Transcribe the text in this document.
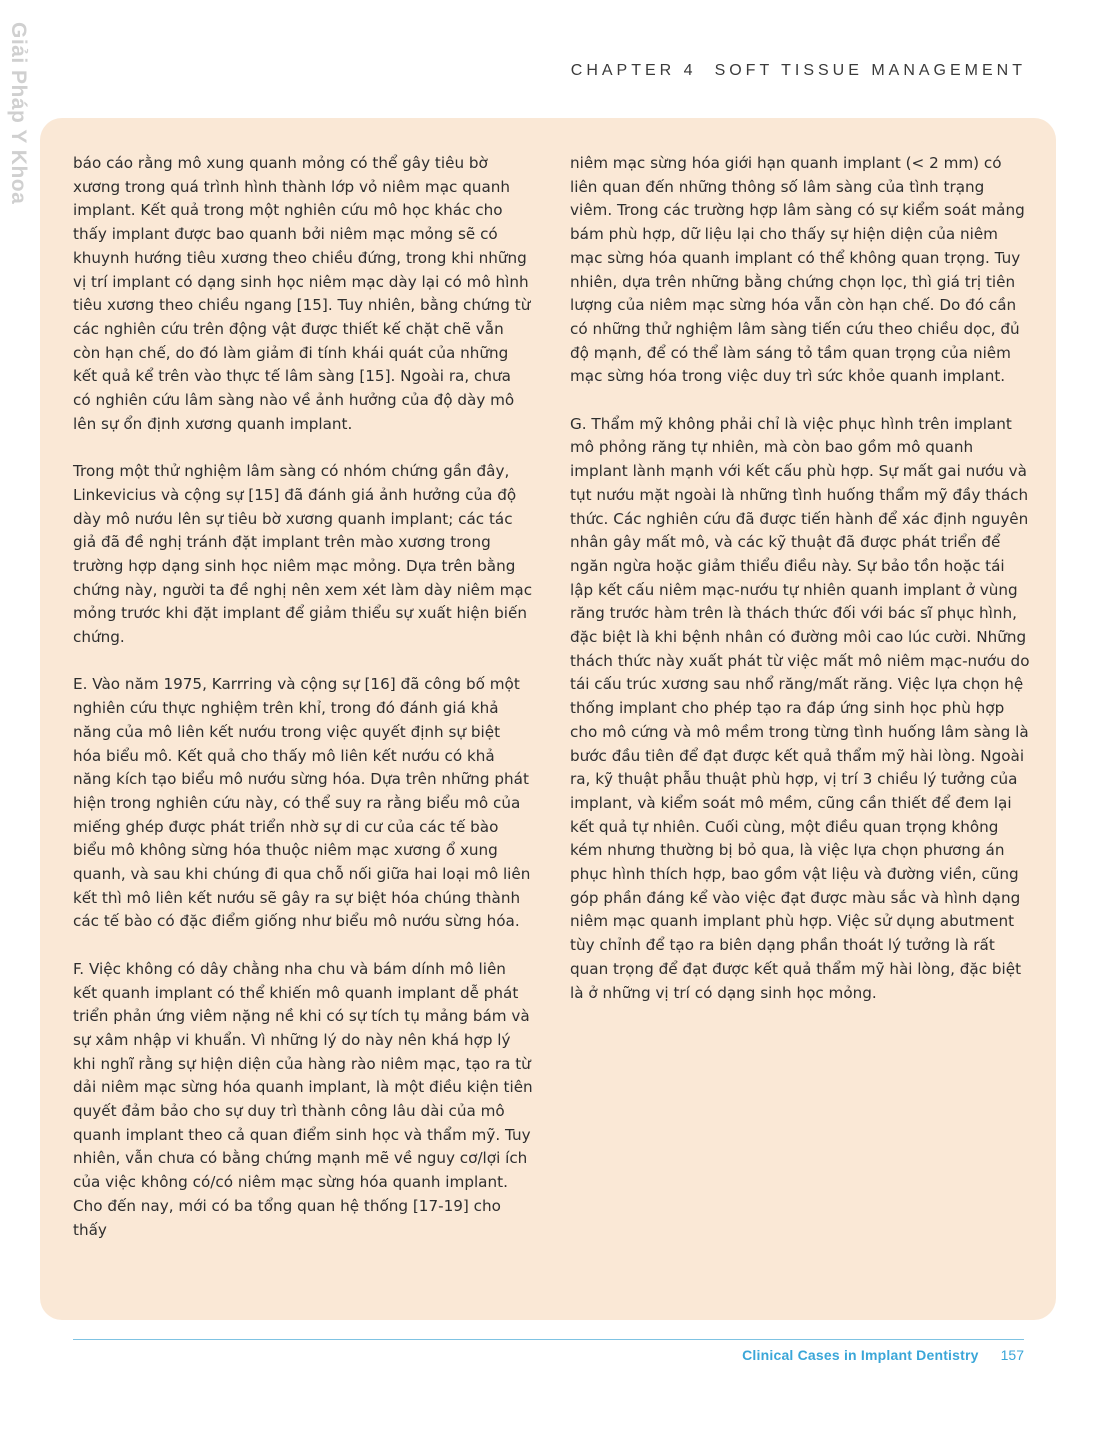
Giải Pháp Y Khoa	CHAPTER 4 SOFT TISSUE MANAGEMENT

báo cáo rằng mô xung quanh mỏng có thể gây tiêu bờ xương trong quá trình hình thành lớp vỏ niêm mạc quanh implant. Kết quả trong một nghiên cứu mô học khác cho thấy implant được bao quanh bởi niêm mạc mỏng sẽ có khuynh hướng tiêu xương theo chiều đứng, trong khi những vị trí implant có dạng sinh học niêm mạc dày lại có mô hình tiêu xương theo chiều ngang [15]. Tuy nhiên, bằng chứng từ các nghiên cứu trên động vật được thiết kế chặt chẽ vẫn còn hạn chế, do đó làm giảm đi tính khái quát của những kết quả kể trên vào thực tế lâm sàng [15]. Ngoài ra, chưa có nghiên cứu lâm sàng nào về ảnh hưởng của độ dày mô lên sự ổn định xương quanh implant.

Trong một thử nghiệm lâm sàng có nhóm chứng gần đây, Linkevicius và cộng sự [15] đã đánh giá ảnh hưởng của độ dày mô nướu lên sự tiêu bờ xương quanh implant; các tác giả đã đề nghị tránh đặt implant trên mào xương trong trường hợp dạng sinh học niêm mạc mỏng. Dựa trên bằng chứng này, người ta đề nghị nên xem xét làm dày niêm mạc mỏng trước khi đặt implant để giảm thiểu sự xuất hiện biến chứng.

E. Vào năm 1975, Karrring và cộng sự [16] đã công bố một nghiên cứu thực nghiệm trên khỉ, trong đó đánh giá khả năng của mô liên kết nướu trong việc quyết định sự biệt hóa biểu mô. Kết quả cho thấy mô liên kết nướu có khả năng kích tạo biểu mô nướu sừng hóa. Dựa trên những phát hiện trong nghiên cứu này, có thể suy ra rằng biểu mô của miếng ghép được phát triển nhờ sự di cư của các tế bào biểu mô không sừng hóa thuộc niêm mạc xương ổ xung quanh, và sau khi chúng đi qua chỗ nối giữa hai loại mô liên kết thì mô liên kết nướu sẽ gây ra sự biệt hóa chúng thành các tế bào có đặc điểm giống như biểu mô nướu sừng hóa.

F. Việc không có dây chằng nha chu và bám dính mô liên kết quanh implant có thể khiến mô quanh implant dễ phát triển phản ứng viêm nặng nề khi có sự tích tụ mảng bám và sự xâm nhập vi khuẩn. Vì những lý do này nên khá hợp lý khi nghĩ rằng sự hiện diện của hàng rào niêm mạc, tạo ra từ dải niêm mạc sừng hóa quanh implant, là một điều kiện tiên quyết đảm bảo cho sự duy trì thành công lâu dài của mô quanh implant theo cả quan điểm sinh học và thẩm mỹ. Tuy nhiên, vẫn chưa có bằng chứng mạnh mẽ về nguy cơ/lợi ích của việc không có/có niêm mạc sừng hóa quanh implant. Cho đến nay, mới có ba tổng quan hệ thống [17-19] cho thấy

niêm mạc sừng hóa giới hạn quanh implant (< 2 mm) có liên quan đến những thông số lâm sàng của tình trạng viêm. Trong các trường hợp lâm sàng có sự kiểm soát mảng bám phù hợp, dữ liệu lại cho thấy sự hiện diện của niêm mạc sừng hóa quanh implant có thể không quan trọng. Tuy nhiên, dựa trên những bằng chứng chọn lọc, thì giá trị tiên lượng của niêm mạc sừng hóa vẫn còn hạn chế. Do đó cần có những thử nghiệm lâm sàng tiến cứu theo chiều dọc, đủ độ mạnh, để có thể làm sáng tỏ tầm quan trọng của niêm mạc sừng hóa trong việc duy trì sức khỏe quanh implant.

G. Thẩm mỹ không phải chỉ là việc phục hình trên implant mô phỏng răng tự nhiên, mà còn bao gồm mô quanh implant lành mạnh với kết cấu phù hợp. Sự mất gai nướu và tụt nướu mặt ngoài là những tình huống thẩm mỹ đầy thách thức. Các nghiên cứu đã được tiến hành để xác định nguyên nhân gây mất mô, và các kỹ thuật đã được phát triển để ngăn ngừa hoặc giảm thiểu điều này. Sự bảo tồn hoặc tái lập kết cấu niêm mạc-nướu tự nhiên quanh implant ở vùng răng trước hàm trên là thách thức đối với bác sĩ phục hình, đặc biệt là khi bệnh nhân có đường môi cao lúc cười. Những thách thức này xuất phát từ việc mất mô niêm mạc-nướu do tái cấu trúc xương sau nhổ răng/mất răng. Việc lựa chọn hệ thống implant cho phép tạo ra đáp ứng sinh học phù hợp cho mô cứng và mô mềm trong từng tình huống lâm sàng là bước đầu tiên để đạt được kết quả thẩm mỹ hài lòng. Ngoài ra, kỹ thuật phẫu thuật phù hợp, vị trí 3 chiều lý tưởng của implant, và kiểm soát mô mềm, cũng cần thiết để đem lại kết quả tự nhiên. Cuối cùng, một điều quan trọng không kém nhưng thường bị bỏ qua, là việc lựa chọn phương án phục hình thích hợp, bao gồm vật liệu và đường viền, cũng góp phần đáng kể vào việc đạt được màu sắc và hình dạng niêm mạc quanh implant phù hợp. Việc sử dụng abutment tùy chỉnh để tạo ra biên dạng phần thoát lý tưởng là rất quan trọng để đạt được kết quả thẩm mỹ hài lòng, đặc biệt là ở những vị trí có dạng sinh học mỏng.

Clinical Cases in Implant Dentistry 157
